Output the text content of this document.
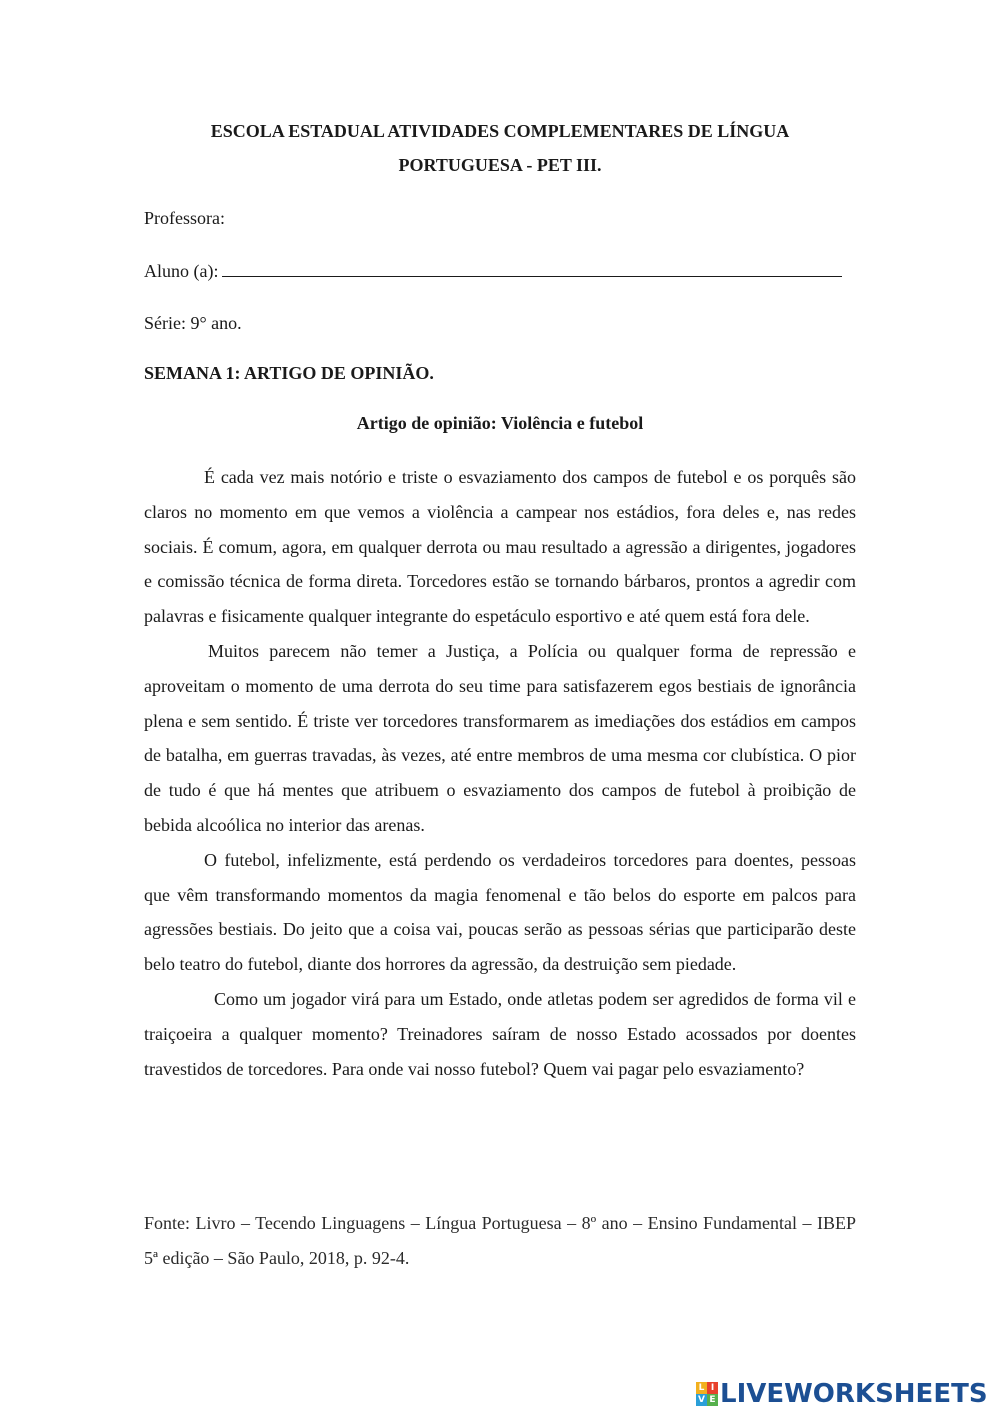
ESCOLA ESTADUAL ATIVIDADES COMPLEMENTARES DE LÍNGUA
PORTUGUESA - PET III.
Professora:
Aluno (a):
Série: 9° ano.
SEMANA 1: ARTIGO DE OPINIÃO.
Artigo de opinião: Violência e futebol

É cada vez mais notório e triste o esvaziamento dos campos de futebol e os porquês são claros no momento em que vemos a violência a campear nos estádios, fora deles e, nas redes sociais. É comum, agora, em qualquer derrota ou mau resultado a agressão a dirigentes, jogadores e comissão técnica de forma direta. Torcedores estão se tornando bárbaros, prontos a agredir com palavras e fisicamente qualquer integrante do espetáculo esportivo e até quem está fora dele.

Muitos parecem não temer a Justiça, a Polícia ou qualquer forma de repressão e aproveitam o momento de uma derrota do seu time para satisfazerem egos bestiais de ignorância plena e sem sentido. É triste ver torcedores transformarem as imediações dos estádios em campos de batalha, em guerras travadas, às vezes, até entre membros de uma mesma cor clubística. O pior de tudo é que há mentes que atribuem o esvaziamento dos campos de futebol à proibição de bebida alcoólica no interior das arenas.

O futebol, infelizmente, está perdendo os verdadeiros torcedores para doentes, pessoas que vêm transformando momentos da magia fenomenal e tão belos do esporte em palcos para agressões bestiais. Do jeito que a coisa vai, poucas serão as pessoas sérias que participarão deste belo teatro do futebol, diante dos horrores da agressão, da destruição sem piedade.

Como um jogador virá para um Estado, onde atletas podem ser agredidos de forma vil e traiçoeira a qualquer momento? Treinadores saíram de nosso Estado acossados por doentes travestidos de torcedores. Para onde vai nosso futebol? Quem vai pagar pelo esvaziamento?

Fonte: Livro – Tecendo Linguagens – Língua Portuguesa – 8º ano – Ensino Fundamental – IBEP 5ª edição – São Paulo, 2018, p. 92-4.
L I
V E LIVEWORKSHEETS
